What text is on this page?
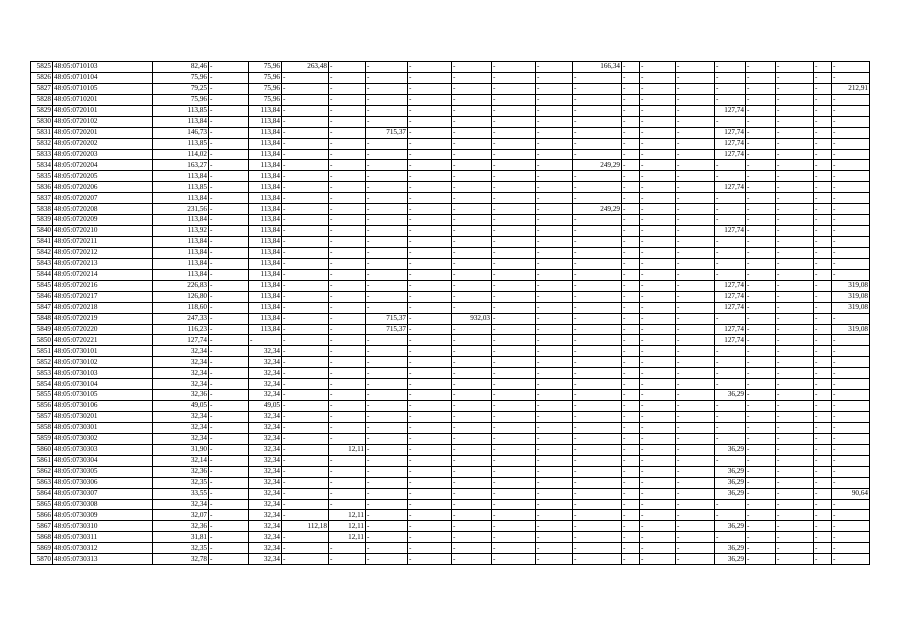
5825	48:05:0710103	82,46	-	75,96	263,48	-	-	-	-	-	-	166,34	-	-	-	-	-	-	-	-
5826	48:05:0710104	75,96	-	75,96	-	-	-	-	-	-	-	-	-	-	-	-	-	-	-	-
5827	48:05:0710105	79,25	-	75,96	-	-	-	-	-	-	-	-	-	-	-	-	-	-	-	212,91
5828	48:05:0710201	75,96	-	75,96	-	-	-	-	-	-	-	-	-	-	-	-	-	-	-	-
5829	48:05:0720101	113,85	-	113,84	-	-	-	-	-	-	-	-	-	-	-	127,74	-	-	-	-
5830	48:05:0720102	113,84	-	113,84	-	-	-	-	-	-	-	-	-	-	-	-	-	-	-	-
5831	48:05:0720201	146,73	-	113,84	-	-	715,37	-	-	-	-	-	-	-	-	127,74	-	-	-	-
5832	48:05:0720202	113,85	-	113,84	-	-	-	-	-	-	-	-	-	-	-	127,74	-	-	-	-
5833	48:05:0720203	114,02	-	113,84	-	-	-	-	-	-	-	-	-	-	-	127,74	-	-	-	-
5834	48:05:0720204	163,27	-	113,84	-	-	-	-	-	-	-	249,29	-	-	-	-	-	-	-	-
5835	48:05:0720205	113,84	-	113,84	-	-	-	-	-	-	-	-	-	-	-	-	-	-	-	-
5836	48:05:0720206	113,85	-	113,84	-	-	-	-	-	-	-	-	-	-	-	127,74	-	-	-	-
5837	48:05:0720207	113,84	-	113,84	-	-	-	-	-	-	-	-	-	-	-	-	-	-	-	-
5838	48:05:0720208	231,56	-	113,84	-	-	-	-	-	-	-	249,29	-	-	-	-	-	-	-	-
5839	48:05:0720209	113,84	-	113,84	-	-	-	-	-	-	-	-	-	-	-	-	-	-	-	-
5840	48:05:0720210	113,92	-	113,84	-	-	-	-	-	-	-	-	-	-	-	127,74	-	-	-	-
5841	48:05:0720211	113,84	-	113,84	-	-	-	-	-	-	-	-	-	-	-	-	-	-	-	-
5842	48:05:0720212	113,84	-	113,84	-	-	-	-	-	-	-	-	-	-	-	-	-	-	-	-
5843	48:05:0720213	113,84	-	113,84	-	-	-	-	-	-	-	-	-	-	-	-	-	-	-	-
5844	48:05:0720214	113,84	-	113,84	-	-	-	-	-	-	-	-	-	-	-	-	-	-	-	-
5845	48:05:0720216	226,83	-	113,84	-	-	-	-	-	-	-	-	-	-	-	127,74	-	-	-	319,08
5846	48:05:0720217	126,80	-	113,84	-	-	-	-	-	-	-	-	-	-	-	127,74	-	-	-	319,08
5847	48:05:0720218	118,60	-	113,84	-	-	-	-	-	-	-	-	-	-	-	127,74	-	-	-	319,08
5848	48:05:0720219	247,33	-	113,84	-	-	715,37	-	932,03	-	-	-	-	-	-	-	-	-	-	-
5849	48:05:0720220	116,23	-	113,84	-	-	715,37	-	-	-	-	-	-	-	-	127,74	-	-	-	319,08
5850	48:05:0720221	127,74	-	-	-	-	-	-	-	-	-	-	-	-	-	127,74	-	-	-	-
5851	48:05:0730101	32,34	-	32,34	-	-	-	-	-	-	-	-	-	-	-	-	-	-	-	-
5852	48:05:0730102	32,34	-	32,34	-	-	-	-	-	-	-	-	-	-	-	-	-	-	-	-
5853	48:05:0730103	32,34	-	32,34	-	-	-	-	-	-	-	-	-	-	-	-	-	-	-	-
5854	48:05:0730104	32,34	-	32,34	-	-	-	-	-	-	-	-	-	-	-	-	-	-	-	-
5855	48:05:0730105	32,36	-	32,34	-	-	-	-	-	-	-	-	-	-	-	36,29	-	-	-	-
5856	48:05:0730106	49,05	-	49,05	-	-	-	-	-	-	-	-	-	-	-	-	-	-	-	-
5857	48:05:0730201	32,34	-	32,34	-	-	-	-	-	-	-	-	-	-	-	-	-	-	-	-
5858	48:05:0730301	32,34	-	32,34	-	-	-	-	-	-	-	-	-	-	-	-	-	-	-	-
5859	48:05:0730302	32,34	-	32,34	-	-	-	-	-	-	-	-	-	-	-	-	-	-	-	-
5860	48:05:0730303	31,90	-	32,34	-	12,11	-	-	-	-	-	-	-	-	-	36,29	-	-	-	-
5861	48:05:0730304	32,14	-	32,34	-	-	-	-	-	-	-	-	-	-	-	-	-	-	-	-
5862	48:05:0730305	32,36	-	32,34	-	-	-	-	-	-	-	-	-	-	-	36,29	-	-	-	-
5863	48:05:0730306	32,35	-	32,34	-	-	-	-	-	-	-	-	-	-	-	36,29	-	-	-	-
5864	48:05:0730307	33,55	-	32,34	-	-	-	-	-	-	-	-	-	-	-	36,29	-	-	-	90,64
5865	48:05:0730308	32,34	-	32,34	-	-	-	-	-	-	-	-	-	-	-	-	-	-	-	-
5866	48:05:0730309	32,07	-	32,34	-	12,11	-	-	-	-	-	-	-	-	-	-	-	-	-	-
5867	48:05:0730310	32,36	-	32,34	112,18	12,11	-	-	-	-	-	-	-	-	-	36,29	-	-	-	-
5868	48:05:0730311	31,81	-	32,34	-	12,11	-	-	-	-	-	-	-	-	-	-	-	-	-	-
5869	48:05:0730312	32,35	-	32,34	-	-	-	-	-	-	-	-	-	-	-	36,29	-	-	-	-
5870	48:05:0730313	32,78	-	32,34	-	-	-	-	-	-	-	-	-	-	-	36,29	-	-	-	-
